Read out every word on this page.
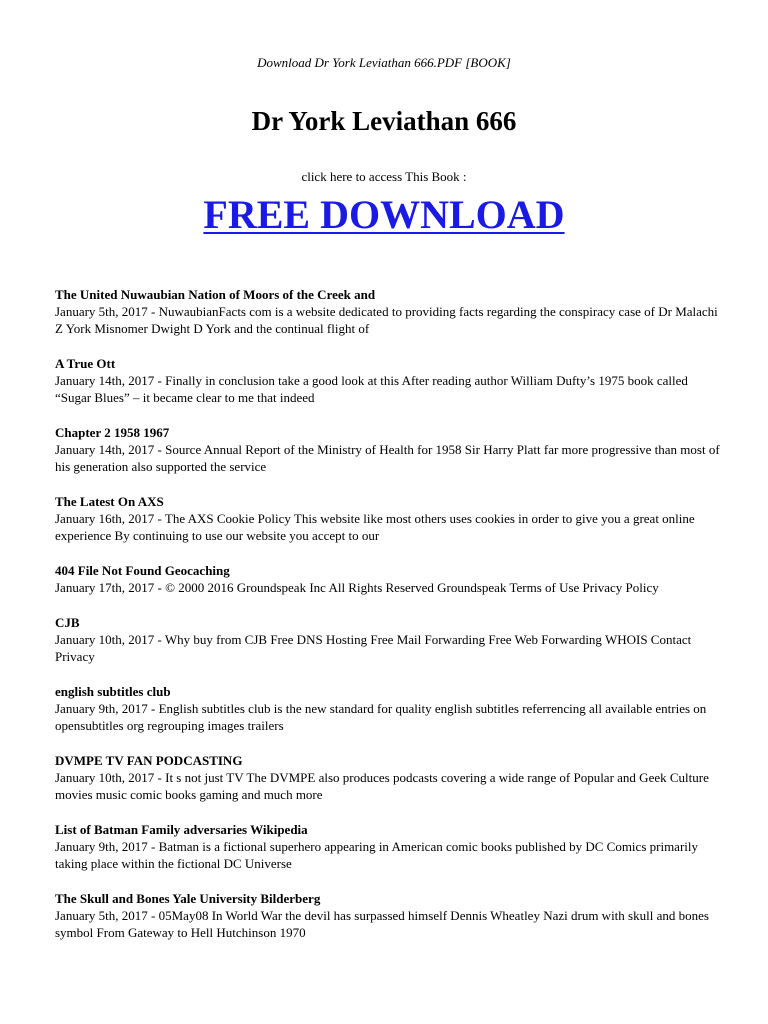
Download Dr York Leviathan 666.PDF [BOOK]
Dr York Leviathan 666
click here to access This Book :
FREE DOWNLOAD

The United Nuwaubian Nation of Moors of the Creek and

January 5th, 2017 - NuwaubianFacts com is a website dedicated to providing facts regarding the conspiracy case of Dr Malachi Z York Misnomer Dwight D York and the continual flight of

A True Ott

January 14th, 2017 - Finally in conclusion take a good look at this After reading author William Dufty’s 1975 book called “Sugar Blues” – it became clear to me that indeed

Chapter 2 1958 1967

January 14th, 2017 - Source Annual Report of the Ministry of Health for 1958 Sir Harry Platt far more progressive than most of his generation also supported the service

The Latest On AXS

January 16th, 2017 - The AXS Cookie Policy This website like most others uses cookies in order to give you a great online experience By continuing to use our website you accept to our

404 File Not Found Geocaching

January 17th, 2017 - © 2000 2016 Groundspeak Inc All Rights Reserved Groundspeak Terms of Use Privacy Policy

CJB

January 10th, 2017 - Why buy from CJB Free DNS Hosting Free Mail Forwarding Free Web Forwarding WHOIS Contact Privacy

english subtitles club

January 9th, 2017 - English subtitles club is the new standard for quality english subtitles referrencing all available entries on opensubtitles org regrouping images trailers

DVMPE TV FAN PODCASTING

January 10th, 2017 - It s not just TV The DVMPE also produces podcasts covering a wide range of Popular and Geek Culture movies music comic books gaming and much more

List of Batman Family adversaries Wikipedia

January 9th, 2017 - Batman is a fictional superhero appearing in American comic books published by DC Comics primarily taking place within the fictional DC Universe

The Skull and Bones Yale University Bilderberg

January 5th, 2017 - 05May08 In World War the devil has surpassed himself Dennis Wheatley Nazi drum with skull and bones symbol From Gateway to Hell Hutchinson 1970
